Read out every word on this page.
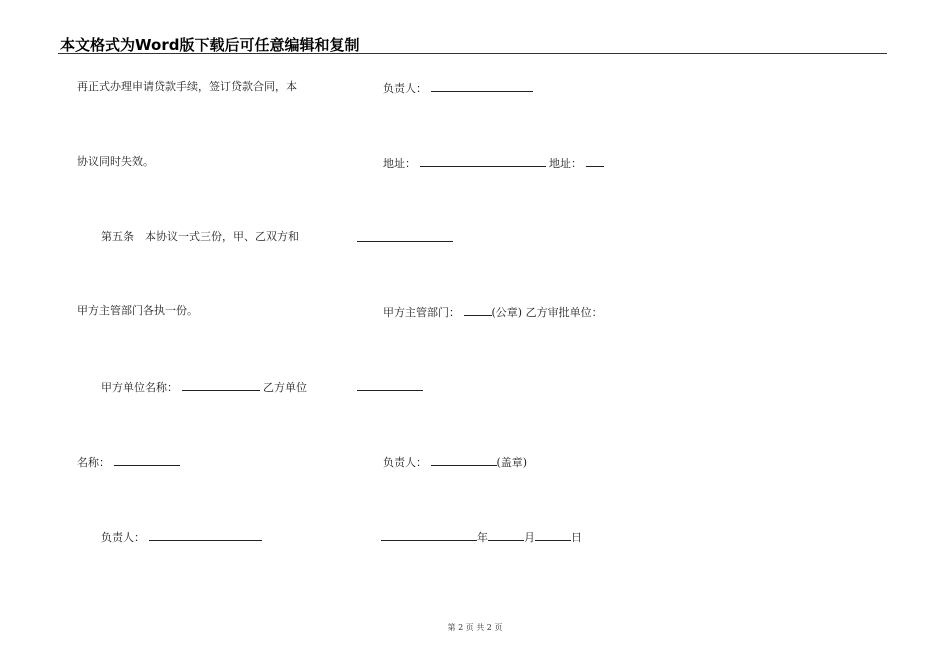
本文格式为Word版下载后可任意编辑和复制
再正式办理申请贷款手续，签订贷款合同，本
协议同时失效。
第五条　本协议一式三份，甲、乙双方和
甲方主管部门各执一份。
甲方单位名称：	乙方单位
名称：
负责人：
负责人：
地址：	地址：
甲方主管部门：	(公章) 乙方审批单位：
负责人：	(盖章)
年	月	日
第 2 页 共 2 页
